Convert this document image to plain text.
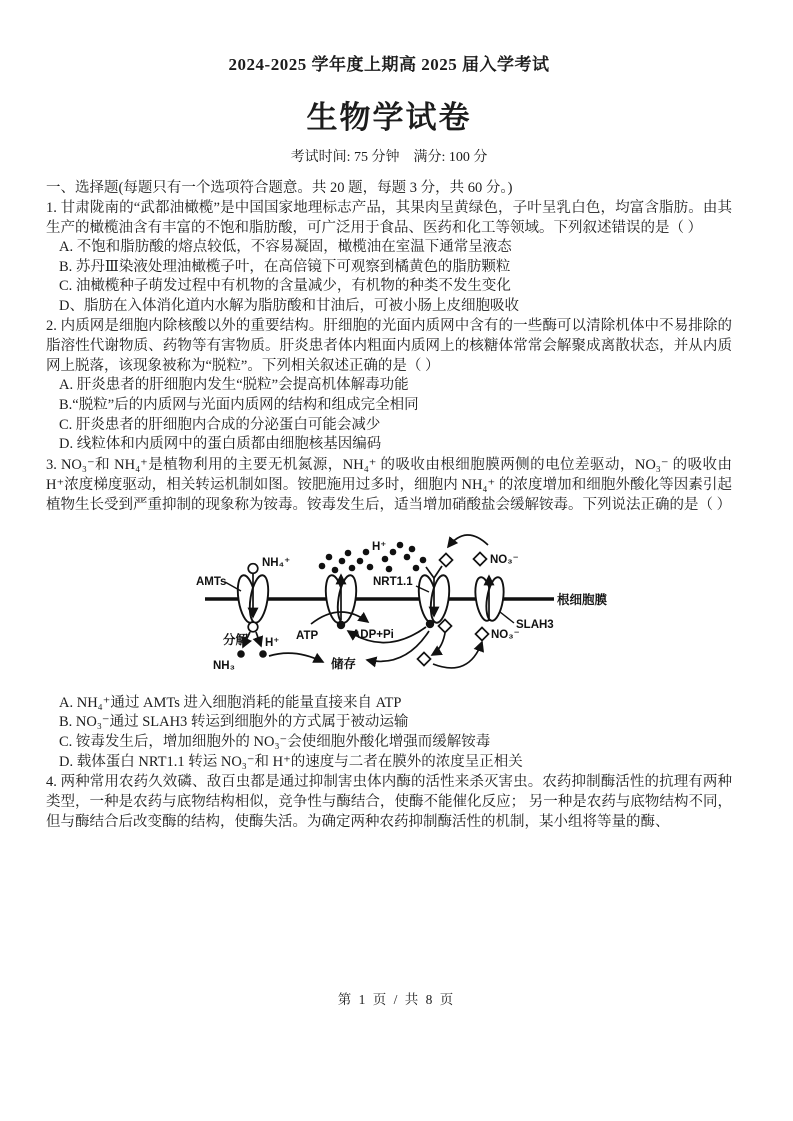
2024-2025 学年度上期高 2025 届入学考试
生物学试卷
考试时间: 75 分钟　满分: 100 分
一、选择题(每题只有一个选项符合题意。共 20 题，每题 3 分，共 60 分。)

1. 甘肃陇南的“武都油橄榄”是中国国家地理标志产品，其果肉呈黄绿色，子叶呈乳白色，均富含脂肪。由其生产的橄榄油含有丰富的不饱和脂肪酸，可广泛用于食品、医药和化工等领域。下列叙述错误的是（ ）

A. 不饱和脂肪酸的熔点较低，不容易凝固，橄榄油在室温下通常呈液态
B. 苏丹Ⅲ染液处理油橄榄子叶，在高倍镜下可观察到橘黄色的脂肪颗粒
C. 油橄榄种子萌发过程中有机物的含量减少，有机物的种类不发生变化
D、脂肪在入体消化道内水解为脂肪酸和甘油后，可被小肠上皮细胞吸收

2. 内质网是细胞内除核酸以外的重要结构。肝细胞的光面内质网中含有的一些酶可以清除机体中不易排除的脂溶性代谢物质、药物等有害物质。肝炎患者体内粗面内质网上的核糖体常常会解聚成离散状态，并从内质网上脱落，该现象被称为“脱粒”。下列相关叙述正确的是（ ）

A. 肝炎患者的肝细胞内发生“脱粒”会提高机体解毒功能
B.“脱粒”后的内质网与光面内质网的结构和组成完全相同
C. 肝炎患者的肝细胞内合成的分泌蛋白可能会减少
D. 线粒体和内质网中的蛋白质都由细胞核基因编码

3. NO₃⁻和 NH₄⁺是植物利用的主要无机氮源，NH₄⁺ 的吸收由根细胞膜两侧的电位差驱动，NO₃⁻ 的吸收由 H⁺浓度梯度驱动，相关转运机制如图。铵肥施用过多时，细胞内 NH₄⁺ 的浓度增加和细胞外酸化等因素引起植物生长受到严重抑制的现象称为铵毒。铵毒发生后，适当增加硝酸盐会缓解铵毒。下列说法正确的是（ ）

根细胞膜
H⁺
AMTs
NH₄⁺
分解
NH₃
H⁺
ATP	ADP+Pi
储存
NRT1.1
NO₃⁻
NO₃⁻
SLAH3
A. NH₄⁺通过 AMTs 进入细胞消耗的能量直接来自 ATP
B. NO₃⁻通过 SLAH3 转运到细胞外的方式属于被动运输
C. 铵毒发生后，增加细胞外的 NO₃⁻会使细胞外酸化增强而缓解铵毒
D. 载体蛋白 NRT1.1 转运 NO₃⁻和 H⁺的速度与二者在膜外的浓度呈正相关

4. 两种常用农药久效磷、敌百虫都是通过抑制害虫体内酶的活性来杀灭害虫。农药抑制酶活性的抗理有两种类型，一种是农药与底物结构相似，竞争性与酶结合，使酶不能催化反应； 另一种是农药与底物结构不同，但与酶结合后改变酶的结构，使酶失活。为确定两种农药抑制酶活性的机制，某小组将等量的酶、

第 1 页 / 共 8 页
